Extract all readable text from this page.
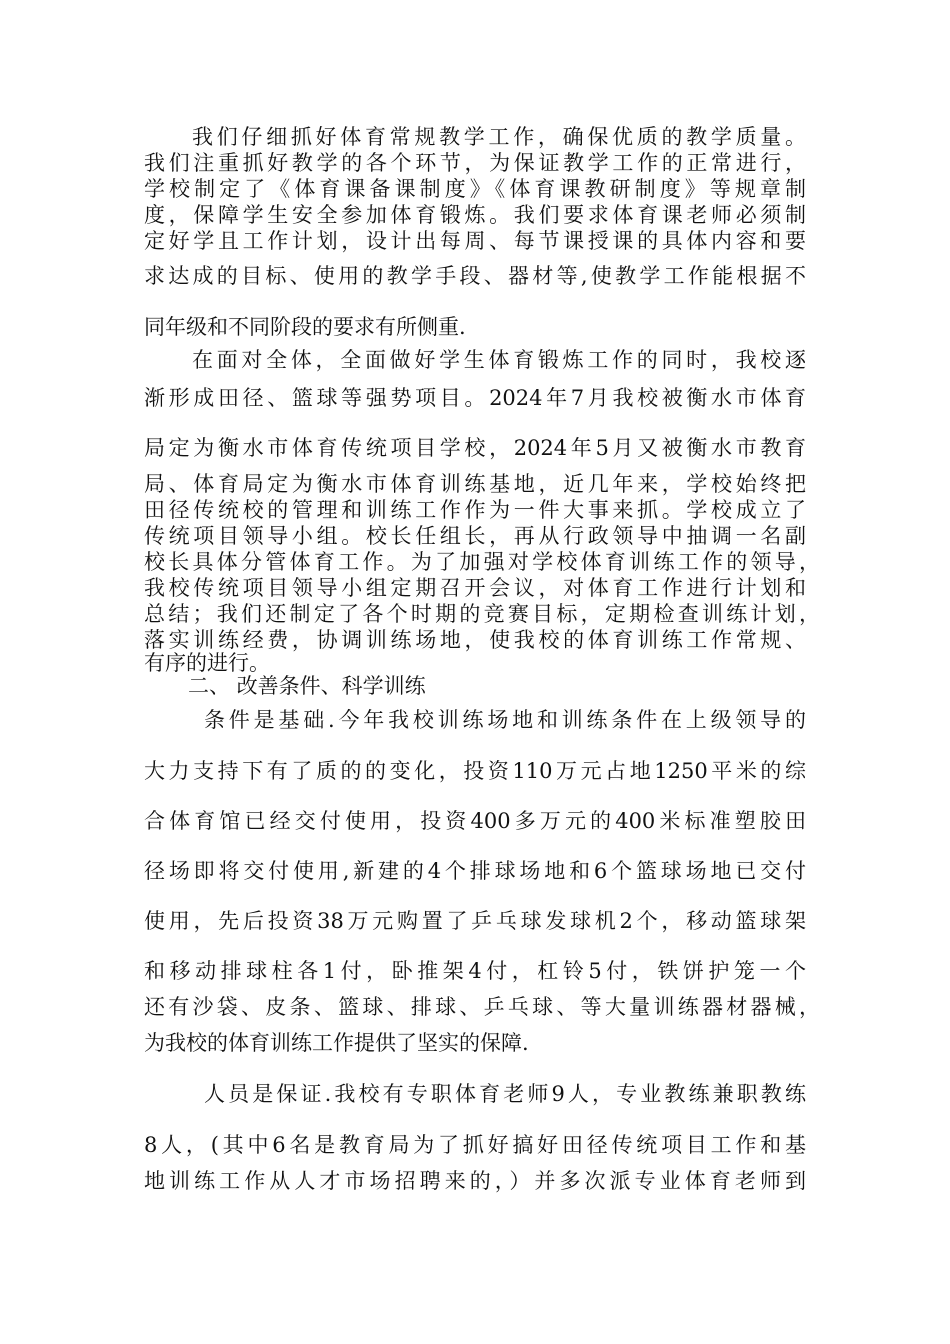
我们仔细抓好体育常规教学工作，确保优质的教学质量。

我们注重抓好教学的各个环节，为保证教学工作的正常进行，

学校制定了《体育课备课制度》《体育课教研制度》等规章制

度，保障学生安全参加体育锻炼。我们要求体育课老师必须制

定好学且工作计划，设计出每周、每节课授课的具体内容和要

求达成的目标、使用的教学手段、器材等,使教学工作能根据不

同年级和不同阶段的要求有所侧重.

在面对全体，全面做好学生体育锻炼工作的同时，我校逐

渐形成田径、篮球等强势项目。2024年7月我校被衡水市体育

局定为衡水市体育传统项目学校，2024年5月又被衡水市教育

局、体育局定为衡水市体育训练基地，近几年来，学校始终把

田径传统校的管理和训练工作作为一件大事来抓。学校成立了

传统项目领导小组。校长任组长，再从行政领导中抽调一名副

校长具体分管体育工作。为了加强对学校体育训练工作的领导，

我校传统项目领导小组定期召开会议，对体育工作进行计划和

总结；我们还制定了各个时期的竞赛目标，定期检查训练计划，

落实训练经费，协调训练场地，使我校的体育训练工作常规、

有序的进行。

二、 改善条件、科学训练

条件是基础.今年我校训练场地和训练条件在上级领导的

大力支持下有了质的的变化，投资110万元占地1250平米的综

合体育馆已经交付使用，投资400多万元的400米标准塑胶田

径场即将交付使用,新建的4个排球场地和6个篮球场地已交付

使用，先后投资38万元购置了乒乓球发球机2个，移动篮球架

和移动排球柱各1付，卧推架4付，杠铃5付，铁饼护笼一个

还有沙袋、皮条、篮球、排球、乒乓球、等大量训练器材器械，

为我校的体育训练工作提供了坚实的保障.

人员是保证.我校有专职体育老师9人，专业教练兼职教练

8人，(其中6名是教育局为了抓好搞好田径传统项目工作和基

地训练工作从人才市场招聘来的，）并多次派专业体育老师到
